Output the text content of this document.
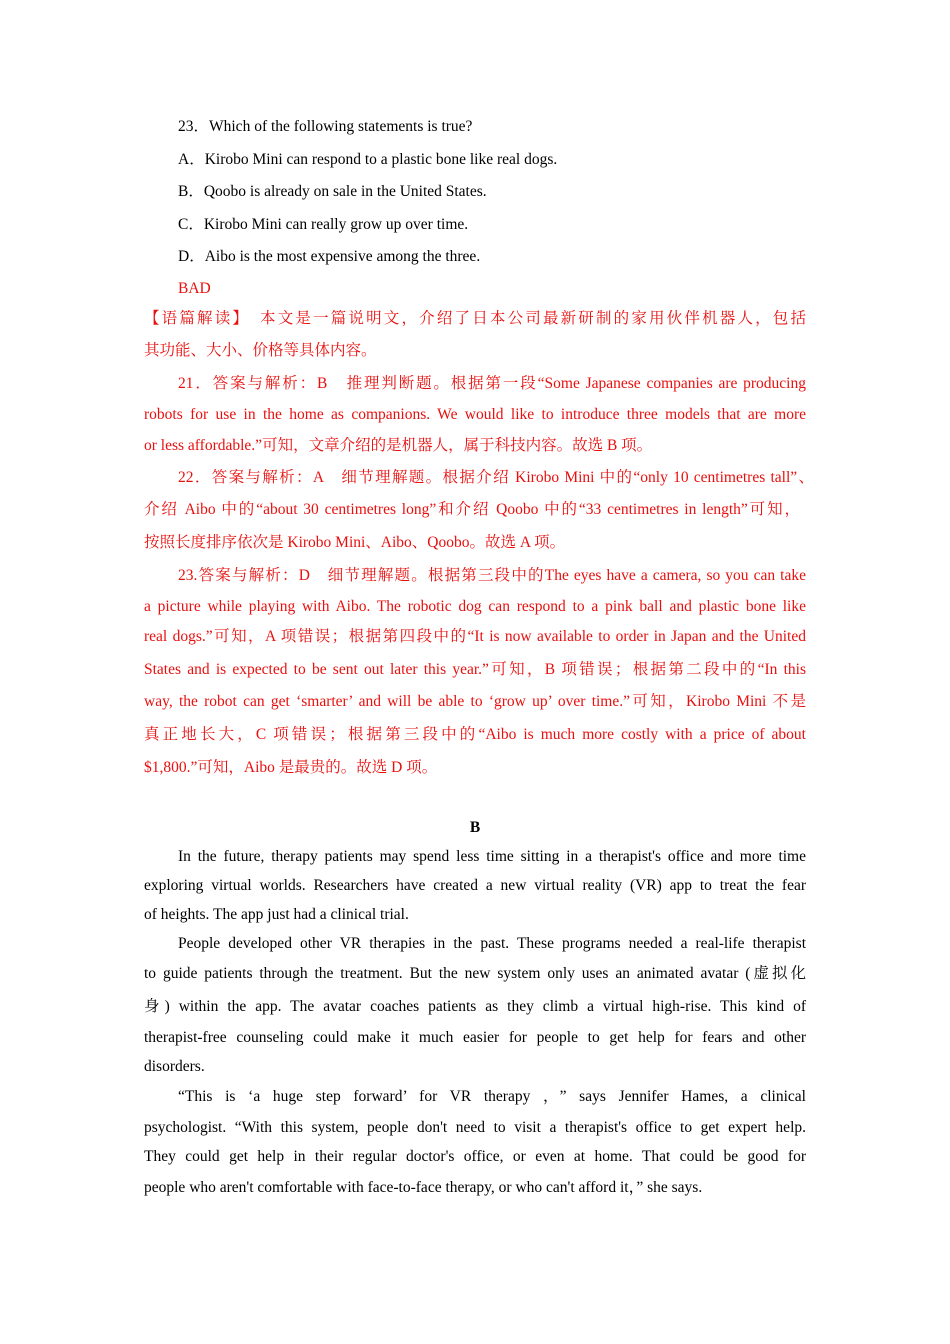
23．Which of the following statements is true?
A．Kirobo Mini can respond to a plastic bone like real dogs.
B．Qoobo is already on sale in the United States.
C．Kirobo Mini can really grow up over time.
D．Aibo is the most expensive among the three.
BAD
【语篇解读】　本文是一篇说明文，介绍了日本公司最新研制的家用伙伴机器人，包括
其功能、大小、价格等具体内容。
21．答案与解析：B　推理判断题。根据第一段“Some Japanese companies are producing
robots for use in the home as companions. We would like to introduce three models that are more
or less affordable.”可知，文章介绍的是机器人，属于科技内容。故选 B 项。
22．答案与解析：A　细节理解题。根据介绍 Kirobo Mini 中的“only 10 centimetres tall”、
介绍 Aibo 中的“about 30 centimetres long”和介绍 Qoobo 中的“33 centimetres in length”可知，
按照长度排序依次是 Kirobo Mini、Aibo、Qoobo。故选 A 项。
23.答案与解析：D　细节理解题。根据第三段中的The eyes have a camera, so you can take
a picture while playing with Aibo. The robotic dog can respond to a pink ball and plastic bone like
real dogs.”可知，A 项错误；根据第四段中的“It is now available to order in Japan and the United
States and is expected to be sent out later this year.”可知，B 项错误；根据第二段中的“In this
way, the robot can get ‘smarter’ and will be able to ‘grow up’ over time.”可知，Kirobo Mini 不是
真正地长大，C 项错误；根据第三段中的“Aibo is much more costly with a price of about
$1,800.”可知，Aibo 是最贵的。故选 D 项。
B
In the future, therapy patients may spend less time sitting in a therapist's office and more time
exploring virtual worlds. Researchers have created a new virtual reality (VR) app to treat the fear
of heights. The app just had a clinical trial.
People developed other VR therapies in the past. These programs needed a real-life therapist
to guide patients through the treatment. But the new system only uses an animated avatar (虚拟化
身) within the app. The avatar coaches patients as they climb a virtual high-rise. This kind of
therapist-free counseling could make it much easier for people to get help for fears and other
disorders.
“This is ‘a huge step forward’ for VR therapy ，” says Jennifer Hames, a clinical
psychologist. “With this system, people don't need to visit a therapist's office to get expert help.
They could get help in their regular doctor's office, or even at home. That could be good for
people who aren't comfortable with face-to-face therapy, or who can't afford it，” she says.
